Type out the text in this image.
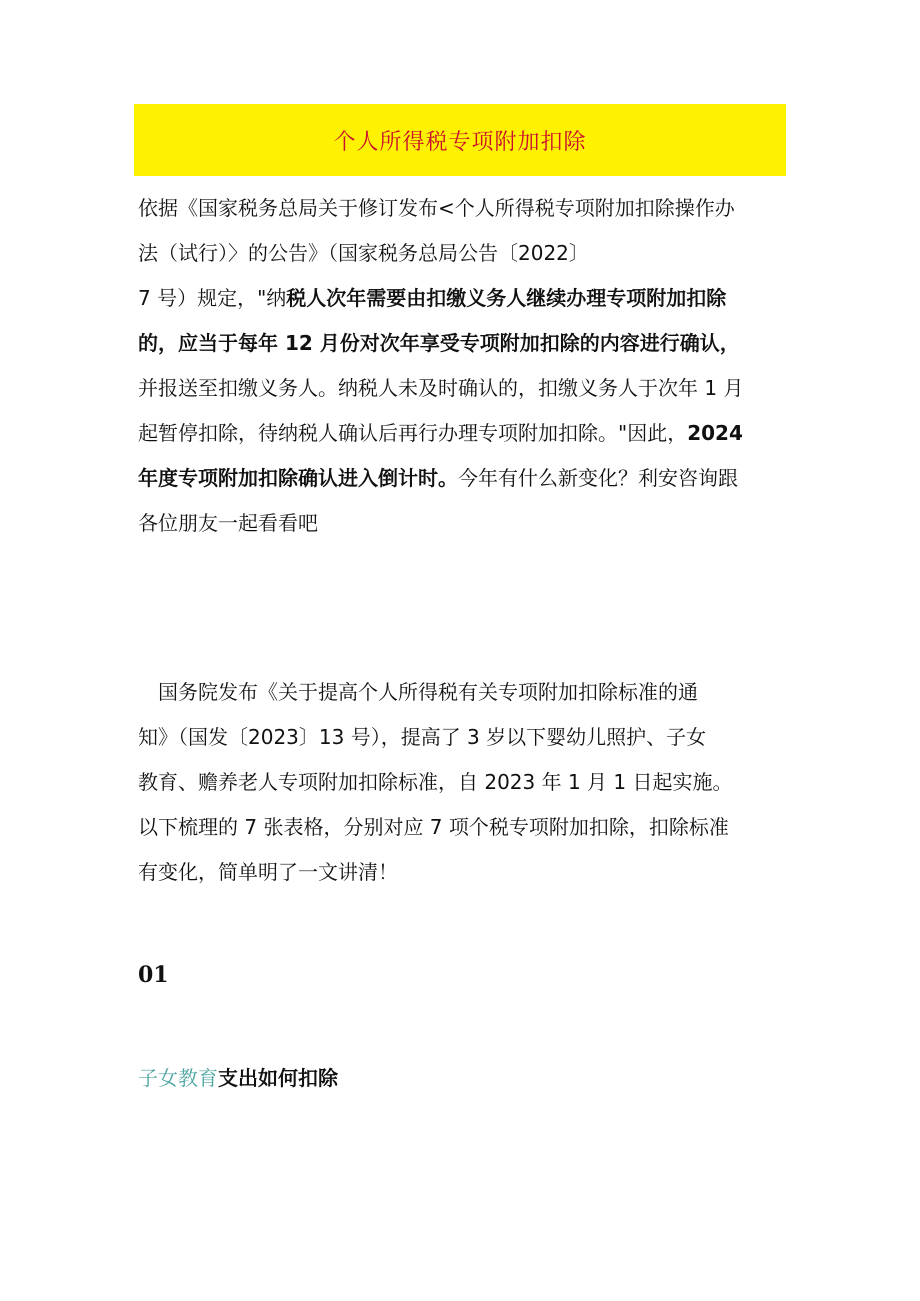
个人所得税专项附加扣除
依据《国家税务总局关于修订发布<个人所得税专项附加扣除操作办
法（试行）〉的公告》（国家税务总局公告〔2022〕
7 号）规定，"纳税人次年需要由扣缴义务人继续办理专项附加扣除
的，应当于每年 12 月份对次年享受专项附加扣除的内容进行确认，
并报送至扣缴义务人。纳税人未及时确认的，扣缴义务人于次年 1 月
起暂停扣除，待纳税人确认后再行办理专项附加扣除。"因此，2024
年度专项附加扣除确认进入倒计时。今年有什么新变化？利安咨询跟
各位朋友一起看看吧
　国务院发布《关于提高个人所得税有关专项附加扣除标准的通
知》（国发〔2023〕13 号），提高了 3 岁以下婴幼儿照护、子女
教育、赡养老人专项附加扣除标准，自 2023 年 1 月 1 日起实施。
以下梳理的 7 张表格，分别对应 7 项个税专项附加扣除，扣除标准
有变化，简单明了一文讲清！
01
子女教育支出如何扣除
